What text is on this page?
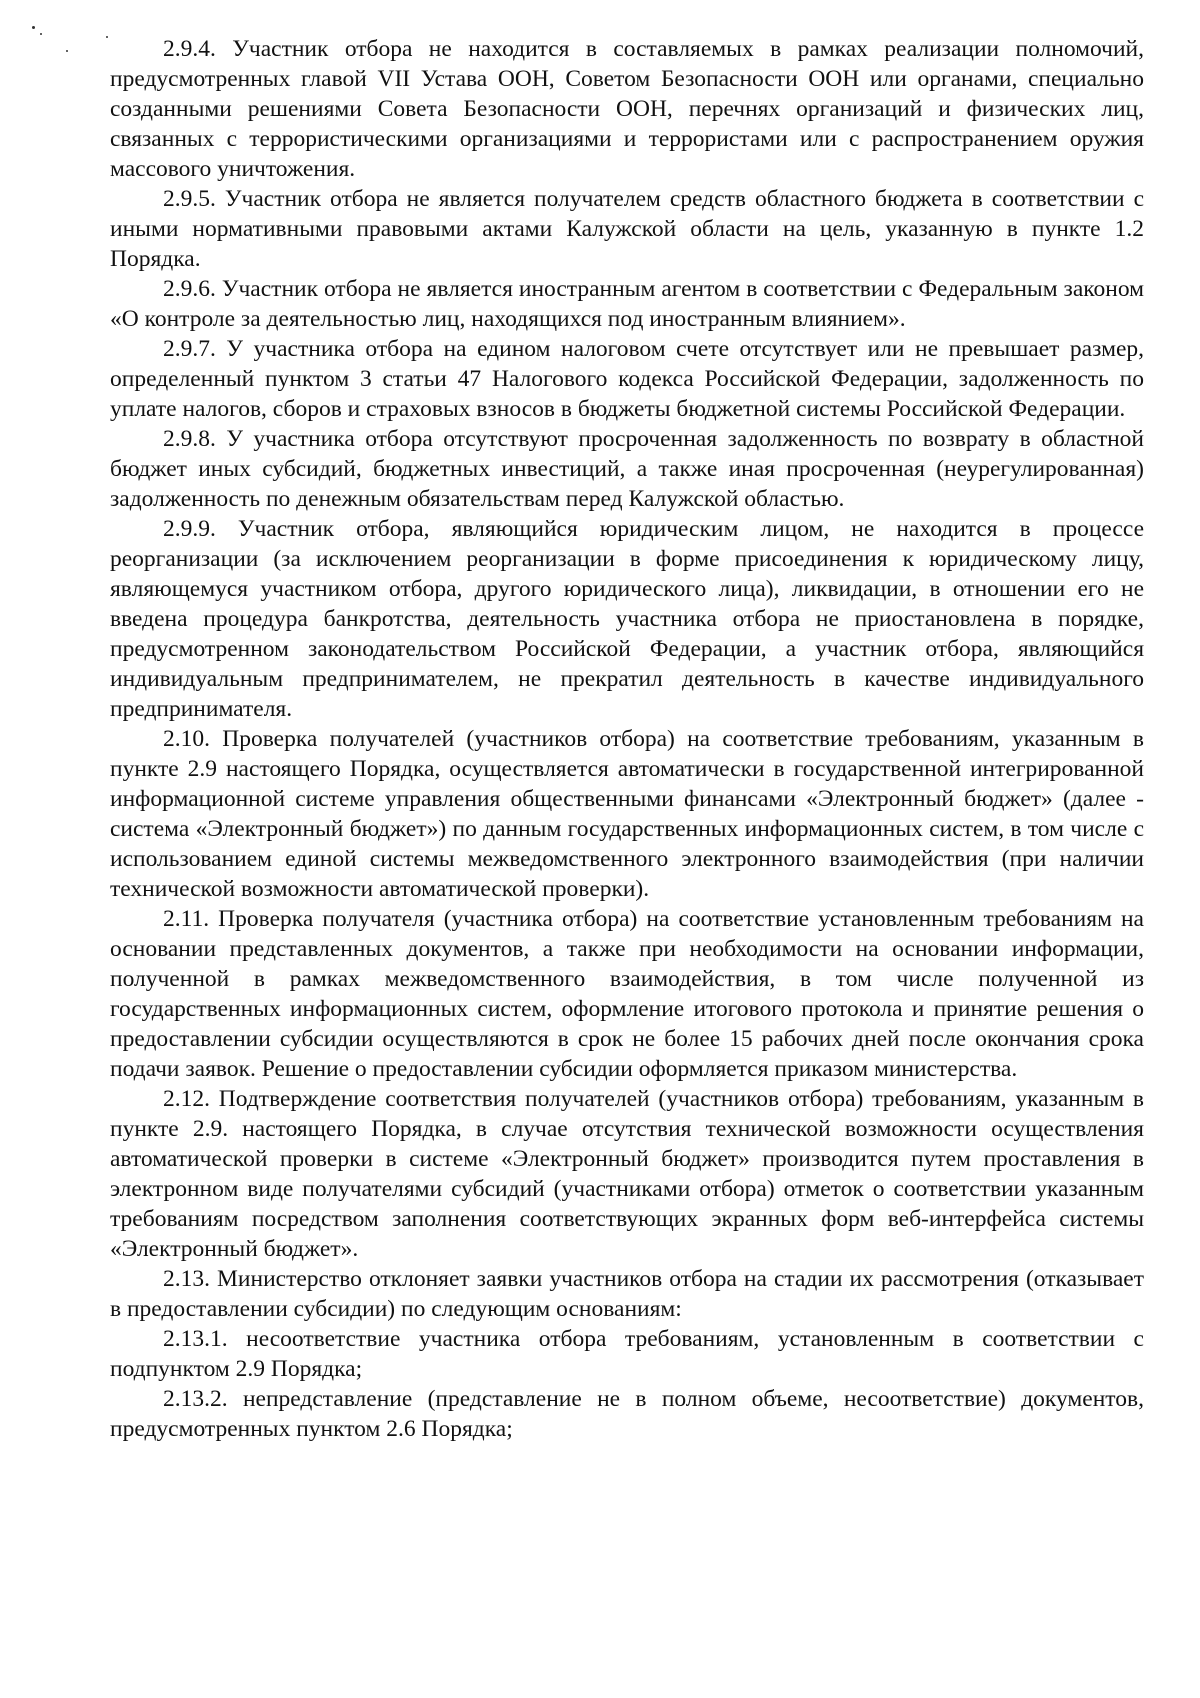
2.9.4. Участник отбора не находится в составляемых в рамках реализации полномочий, предусмотренных главой VII Устава ООН, Советом Безопасности ООН или органами, специально созданными решениями Совета Безопасности ООН, перечнях организаций и физических лиц, связанных с террористическими организациями и террористами или с распространением оружия массового уничтожения.

2.9.5. Участник отбора не является получателем средств областного бюджета в соответствии с иными нормативными правовыми актами Калужской области на цель, указанную в пункте 1.2 Порядка.

2.9.6. Участник отбора не является иностранным агентом в соответствии с Федеральным законом «О контроле за деятельностью лиц, находящихся под иностранным влиянием».

2.9.7. У участника отбора на едином налоговом счете отсутствует или не превышает размер, определенный пунктом 3 статьи 47 Налогового кодекса Российской Федерации, задолженность по уплате налогов, сборов и страховых взносов в бюджеты бюджетной системы Российской Федерации.

2.9.8. У участника отбора отсутствуют просроченная задолженность по возврату в областной бюджет иных субсидий, бюджетных инвестиций, а также иная просроченная (неурегулированная) задолженность по денежным обязательствам перед Калужской областью.

2.9.9. Участник отбора, являющийся юридическим лицом, не находится в процессе реорганизации (за исключением реорганизации в форме присоединения к юридическому лицу, являющемуся участником отбора, другого юридического лица), ликвидации, в отношении его не введена процедура банкротства, деятельность участника отбора не приостановлена в порядке, предусмотренном законодательством Российской Федерации, а участник отбора, являющийся индивидуальным предпринимателем, не прекратил деятельность в качестве индивидуального предпринимателя.

2.10. Проверка получателей (участников отбора) на соответствие требованиям, указанным в пункте 2.9 настоящего Порядка, осуществляется автоматически в государственной интегрированной информационной системе управления общественными финансами «Электронный бюджет» (далее - система «Электронный бюджет») по данным государственных информационных систем, в том числе с использованием единой системы межведомственного электронного взаимодействия (при наличии технической возможности автоматической проверки).

2.11. Проверка получателя (участника отбора) на соответствие установленным требованиям на основании представленных документов, а также при необходимости на основании информации, полученной в рамках межведомственного взаимодействия, в том числе полученной из государственных информационных систем, оформление итогового протокола и принятие решения о предоставлении субсидии осуществляются в срок не более 15 рабочих дней после окончания срока подачи заявок. Решение о предоставлении субсидии оформляется приказом министерства.

2.12. Подтверждение соответствия получателей (участников отбора) требованиям, указанным в пункте 2.9. настоящего Порядка, в случае отсутствия технической возможности осуществления автоматической проверки в системе «Электронный бюджет» производится путем проставления в электронном виде получателями субсидий (участниками отбора) отметок о соответствии указанным требованиям посредством заполнения соответствующих экранных форм веб-интерфейса системы «Электронный бюджет».

2.13. Министерство отклоняет заявки участников отбора на стадии их рассмотрения (отказывает в предоставлении субсидии) по следующим основаниям:

2.13.1. несоответствие участника отбора требованиям, установленным в соответствии с подпунктом 2.9 Порядка;

2.13.2. непредставление (представление не в полном объеме, несоответствие) документов, предусмотренных пунктом 2.6 Порядка;
